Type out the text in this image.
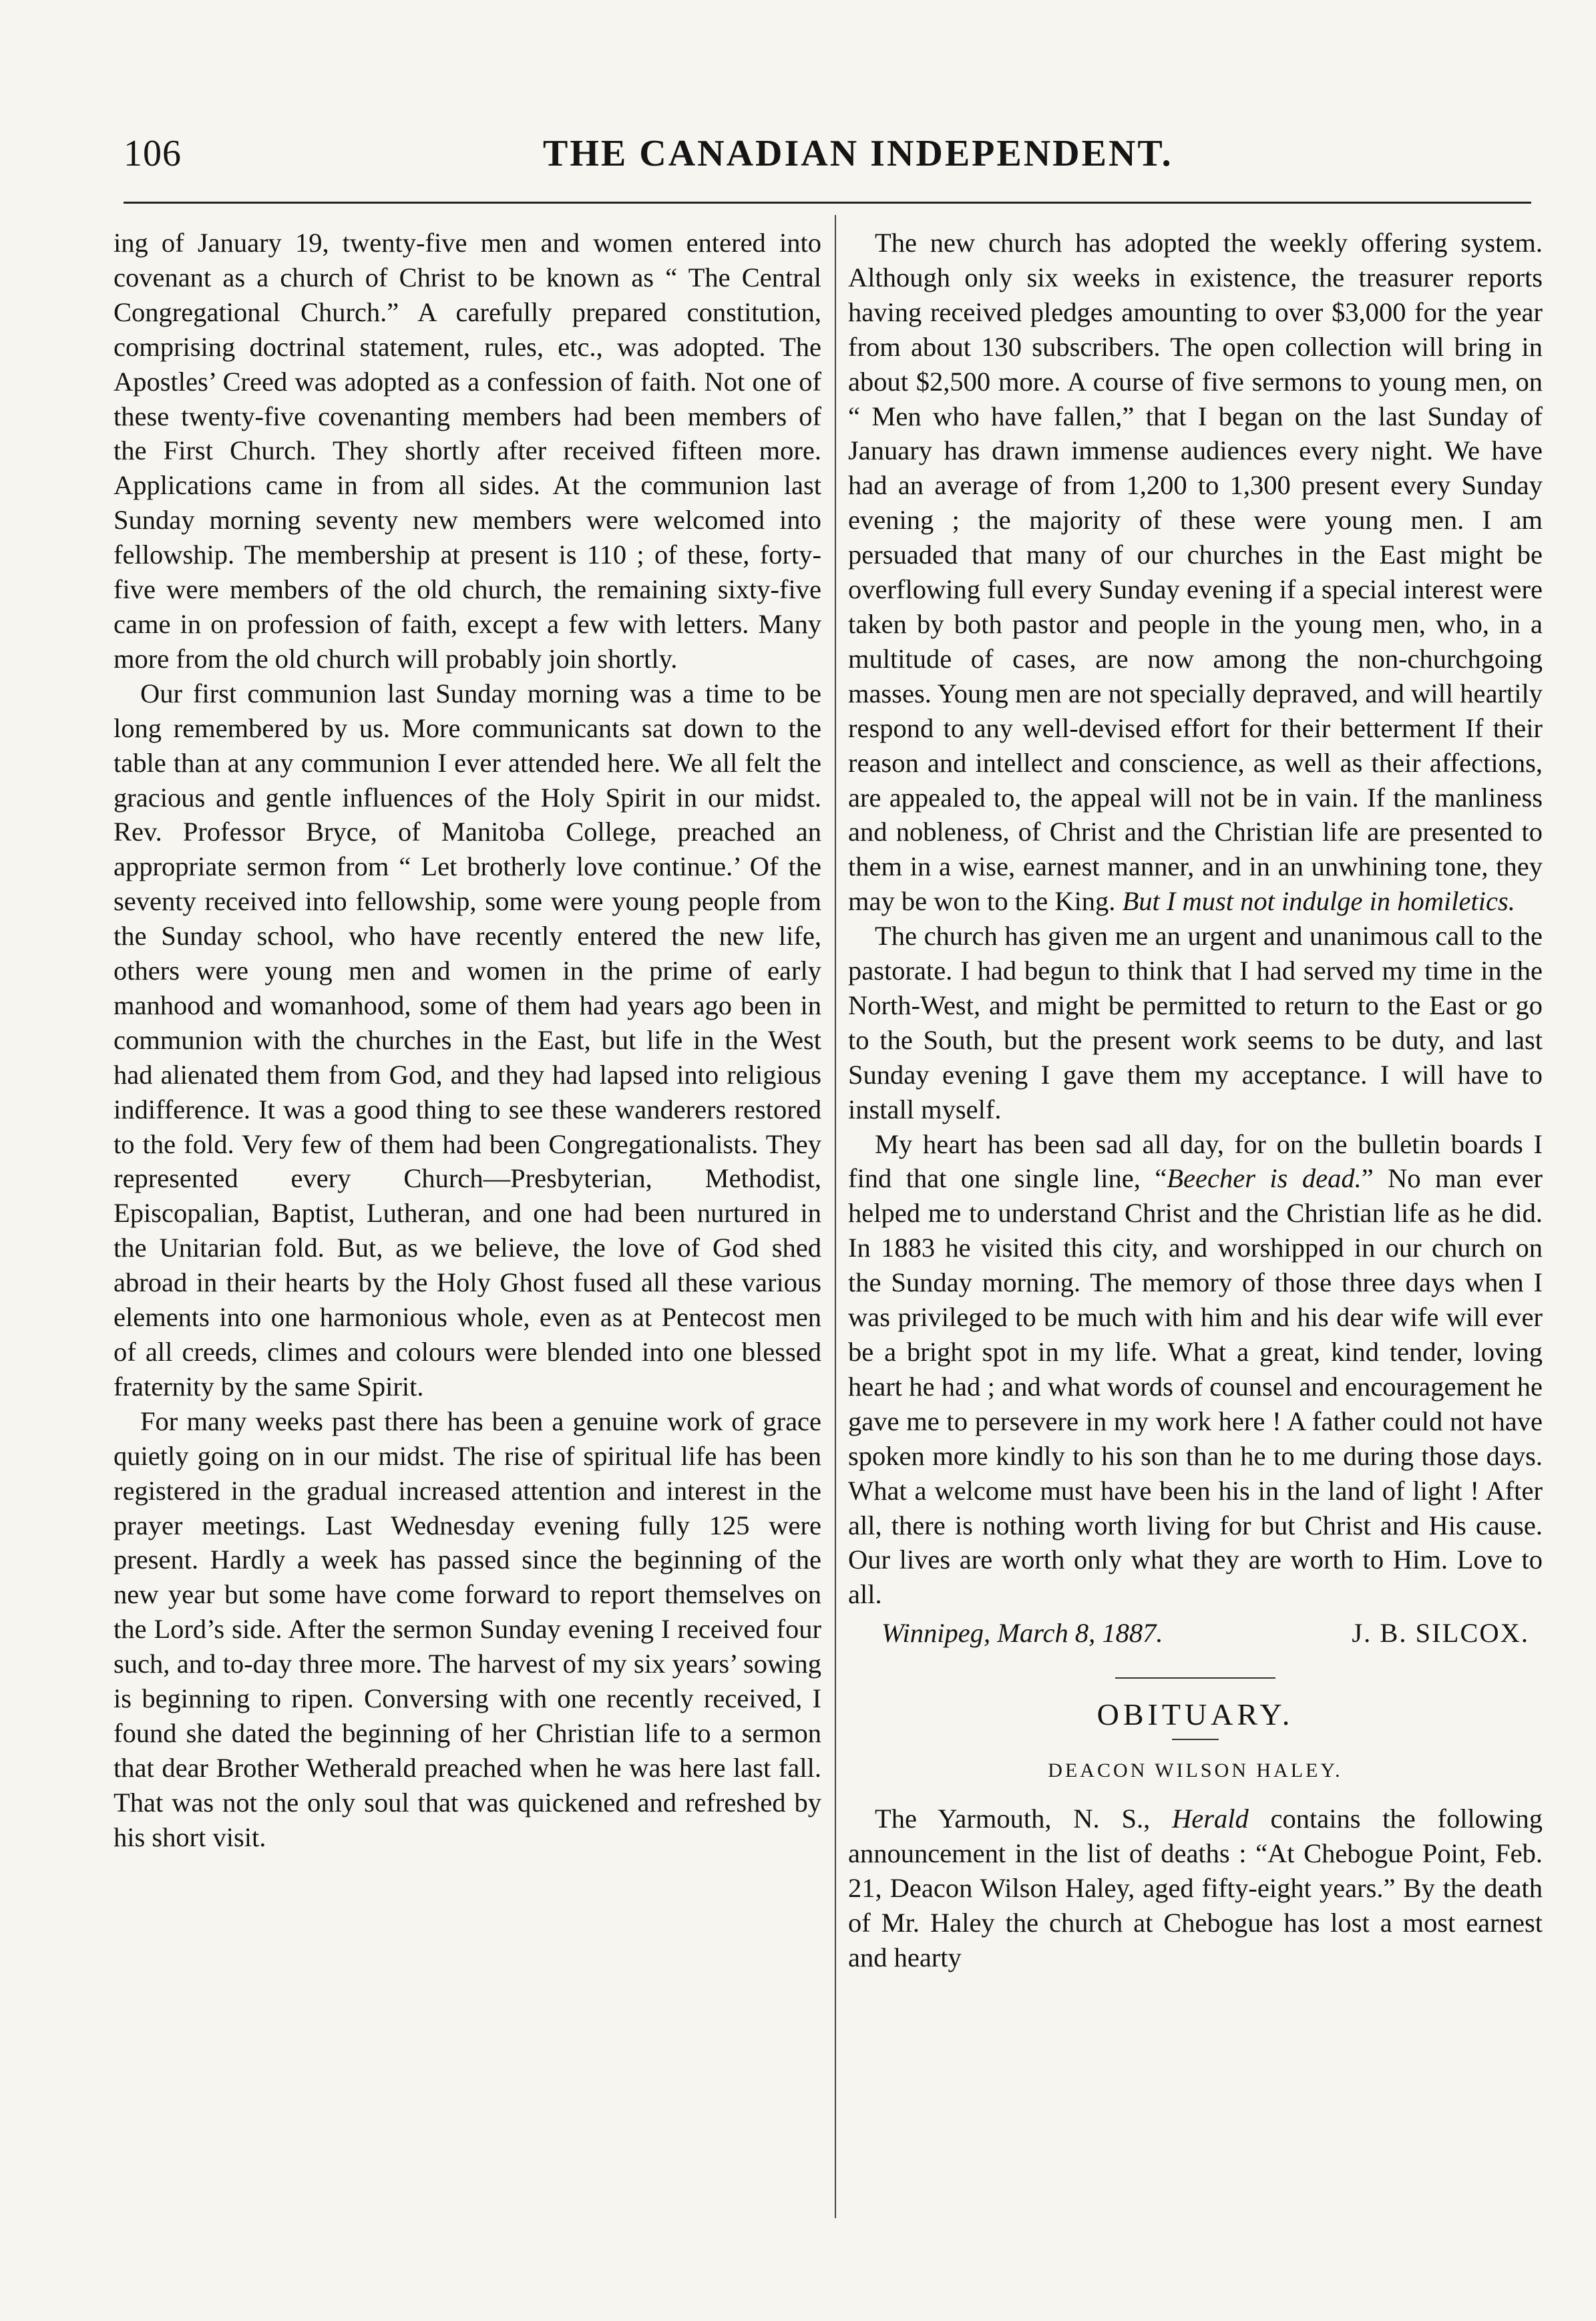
106	THE CANADIAN INDEPENDENT.

ing of January 19, twenty-five men and women entered into covenant as a church of Christ to be known as “ The Central Congregational Church.” A carefully prepared constitution, comprising doctrinal statement, rules, etc., was adopted. The Apostles’ Creed was adopted as a confession of faith. Not one of these twenty-five covenanting members had been members of the First Church. They shortly after received fifteen more. Applications came in from all sides. At the communion last Sunday morning seventy new members were welcomed into fellowship. The membership at present is 110 ; of these, forty-five were members of the old church, the remaining sixty-five came in on profession of faith, except a few with letters. Many more from the old church will probably join shortly.

Our first communion last Sunday morning was a time to be long remembered by us. More communicants sat down to the table than at any communion I ever attended here. We all felt the gracious and gentle influences of the Holy Spirit in our midst. Rev. Professor Bryce, of Manitoba College, preached an appropriate sermon from “ Let brotherly love continue.’ Of the seventy received into fellowship, some were young people from the Sunday school, who have recently entered the new life, others were young men and women in the prime of early manhood and womanhood, some of them had years ago been in communion with the churches in the East, but life in the West had alienated them from God, and they had lapsed into religious indifference. It was a good thing to see these wanderers restored to the fold. Very few of them had been Congregationalists. They represented every Church—Presbyterian, Methodist, Episcopalian, Baptist, Lutheran, and one had been nurtured in the Unitarian fold. But, as we believe, the love of God shed abroad in their hearts by the Holy Ghost fused all these various elements into one harmonious whole, even as at Pentecost men of all creeds, climes and colours were blended into one blessed fraternity by the same Spirit.

For many weeks past there has been a genuine work of grace quietly going on in our midst. The rise of spiritual life has been registered in the gradual increased attention and interest in the prayer meetings. Last Wednesday evening fully 125 were present. Hardly a week has passed since the beginning of the new year but some have come forward to report themselves on the Lord’s side. After the sermon Sunday evening I received four such, and to-day three more. The harvest of my six years’ sowing is beginning to ripen. Conversing with one recently received, I found she dated the beginning of her Christian life to a sermon that dear Brother Wetherald preached when he was here last fall. That was not the only soul that was quickened and refreshed by his short visit.

The new church has adopted the weekly offering system. Although only six weeks in existence, the treasurer reports having received pledges amounting to over $3,000 for the year from about 130 subscribers. The open collection will bring in about $2,500 more. A course of five sermons to young men, on “ Men who have fallen,” that I began on the last Sunday of January has drawn immense audiences every night. We have had an average of from 1,200 to 1,300 present every Sunday evening ; the majority of these were young men. I am persuaded that many of our churches in the East might be overflowing full every Sunday evening if a special interest were taken by both pastor and people in the young men, who, in a multitude of cases, are now among the non-churchgoing masses. Young men are not specially depraved, and will heartily respond to any well-devised effort for their betterment If their reason and intellect and conscience, as well as their affections, are appealed to, the appeal will not be in vain. If the manliness and nobleness, of Christ and the Christian life are presented to them in a wise, earnest manner, and in an unwhining tone, they may be won to the King. But I must not indulge in homiletics.

The church has given me an urgent and unanimous call to the pastorate. I had begun to think that I had served my time in the North-West, and might be permitted to return to the East or go to the South, but the present work seems to be duty, and last Sunday evening I gave them my acceptance. I will have to install myself.

My heart has been sad all day, for on the bulletin boards I find that one single line, “Beecher is dead.” No man ever helped me to understand Christ and the Christian life as he did. In 1883 he visited this city, and worshipped in our church on the Sunday morning. The memory of those three days when I was privileged to be much with him and his dear wife will ever be a bright spot in my life. What a great, kind tender, loving heart he had ; and what words of counsel and encouragement he gave me to persevere in my work here ! A father could not have spoken more kindly to his son than he to me during those days. What a welcome must have been his in the land of light ! After all, there is nothing worth living for but Christ and His cause. Our lives are worth only what they are worth to Him. Love to all.

Winnipeg, March 8, 1887.	J. B. SILCOX.
OBITUARY.
DEACON WILSON HALEY.

The Yarmouth, N. S., Herald contains the following announcement in the list of deaths : “At Chebogue Point, Feb. 21, Deacon Wilson Haley, aged fifty-eight years.” By the death of Mr. Haley the church at Chebogue has lost a most earnest and hearty
